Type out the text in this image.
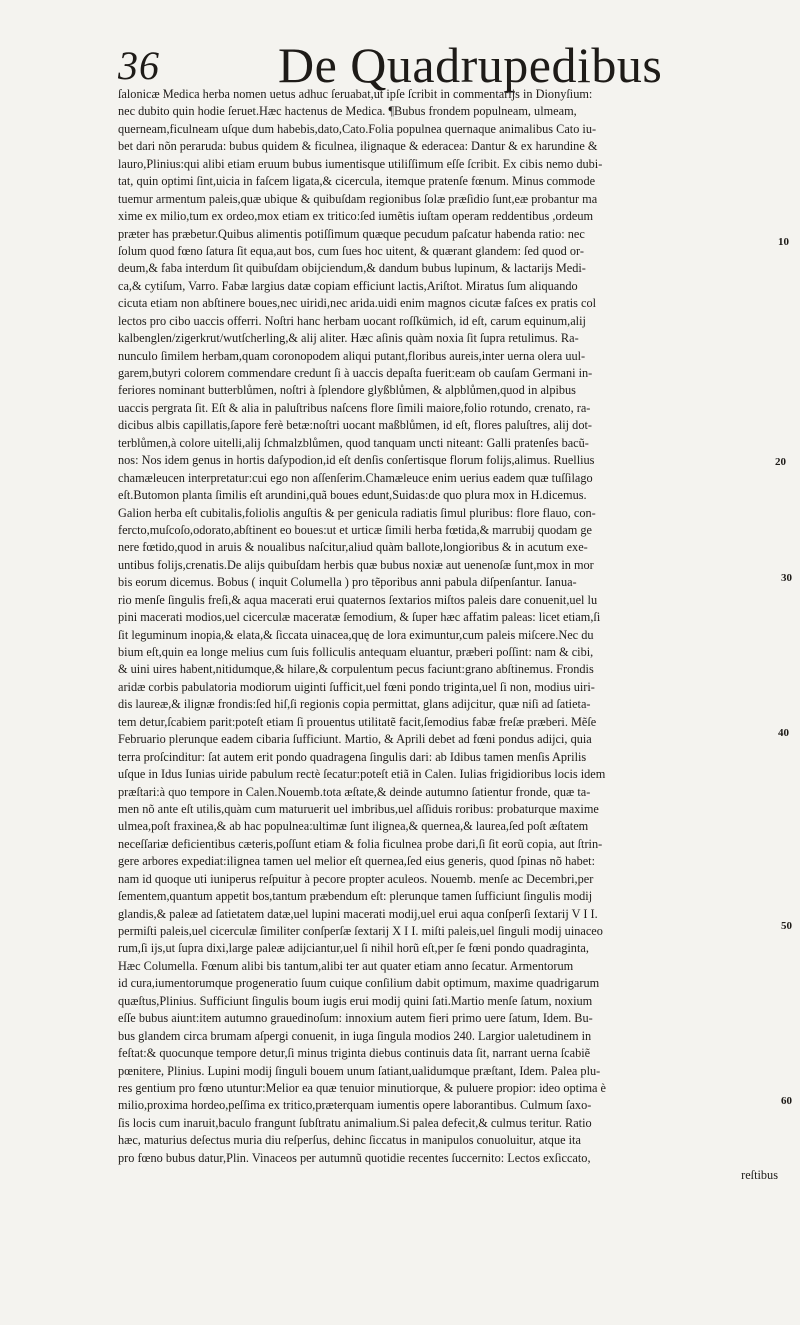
36 De Quadrupedibus
ſalonicæ Medica herba nomen uetus adhuc ſeruabat,ut ipſe ſcribit in commentarijs in Dionyſium:
nec dubito quin hodie ſeruet.Hæc hactenus de Medica. ¶Bubus frondem populneam, ulmeam,
querneam,ficulneam uſque dum habebis,dato,Cato.Folia populnea quernaque animalibus Cato iu-
bet dari nõn peraruda: bubus quidem & ficulnea, ilignaque & ederacea: Dantur & ex harundine &
lauro,Plinius:qui alibi etiam eruum bubus iumentisque utiliſſimum eſſe ſcribit. Ex cibis nemo dubi-
tat, quin optimi ſint,uicia in faſcem ligata,& cicercula, itemque pratenſe fœnum. Minus commode
tuemur armentum paleis,quæ ubique & quibuſdam regionibus ſolæ præſidio ſunt,eæ probantur ma
xime ex milio,tum ex ordeo,mox etiam ex tritico:ſed iumẽtis iuſtam operam reddentibus ,ordeum
præter has præbetur.Quibus alimentis potiſſimum quæque pecudum paſcatur habenda ratio: nec
ſolum quod fœno ſatura ſit equa,aut bos, cum ſues hoc uitent, & quærant glandem: ſed quod or-
deum,& faba interdum ſit quibuſdam obijciendum,& dandum bubus lupinum, & lactarijs Medi-
ca,& cytiſum, Varro. Fabæ largius datæ copiam efficiunt lactis,Ariſtot. Miratus ſum aliquando
cicuta etiam non abſtinere boues,nec uiridi,nec arida.uidi enim magnos cicutæ faſces ex pratis col
lectos pro cibo uaccis offerri. Noſtri hanc herbam uocant roſſkümich, id eſt, carum equinum,alij
kalbenglen/zigerkrut/wutſcherling,& alij aliter. Hæc aſinis quàm noxia ſit ſupra retulimus. Ra-
nunculo ſimilem herbam,quam coronopodem aliqui putant,floribus aureis,inter uerna olera uul-
garem,butyri colorem commendare credunt ſi à uaccis depaſta fuerit:eam ob cauſam Germani in-
feriores nominant butterblůmen, noſtri à ſplendore glyßblůmen, & alpblůmen,quod in alpibus
uaccis pergrata ſit. Eſt & alia in paluſtribus naſcens flore ſimili maiore,folio rotundo, crenato, ra-
dicibus albis capillatis,ſapore ferè betæ:noſtri uocant maßblůmen, id eſt, flores paluſtres, alij dot-
terblůmen,à colore uitelli,alij ſchmalzblůmen, quod tanquam uncti niteant: Galli pratenſes bacũ-
nos: Nos idem genus in hortis daſypodion,id eſt denſis conſertisque florum folijs,alimus. Ruellius
chamæleucen interpretatur:cui ego non aſſenſerim.Chamæleuce enim uerius eadem quæ tuſſilago
eſt.Butomon planta ſimilis eſt arundini,quã boues edunt,Suidas:de quo plura mox in H.dicemus.
Galion herba eſt cubitalis,foliolis anguſtis & per genicula radiatis ſimul pluribus: flore flauo, con-
fercto,muſcoſo,odorato,abſtinent eo boues:ut et urticæ ſimili herba fœtida,& marrubij quodam ge
nere fœtido,quod in aruis & noualibus naſcitur,aliud quàm ballote,longioribus & in acutum exe-
untibus folijs,crenatis.De alijs quibuſdam herbis quæ bubus noxiæ aut uenenoſæ ſunt,mox in mor
bis eorum dicemus. Bobus ( inquit Columella ) pro tẽporibus anni pabula diſpenſantur. Ianua-
rio menſe ſingulis freſi,& aqua macerati erui quaternos ſextarios miſtos paleis dare conuenit,uel lu
pini macerati modios,uel cicerculæ maceratæ ſemodium, & ſuper hæc affatim paleas: licet etiam,ſi
ſit leguminum inopia,& elata,& ſiccata uinacea,quę de lora eximuntur,cum paleis miſcere.Nec du
bium eſt,quin ea longe melius cum ſuis folliculis antequam eluantur, præberi poſſint: nam & cibi,
& uini uires habent,nitidumque,& hilare,& corpulentum pecus faciunt:grano abſtinemus. Frondis
aridæ corbis pabulatoria modiorum uiginti ſufficit,uel fœni pondo triginta,uel ſi non, modius uiri-
dis laureæ,& ilignæ frondis:ſed hiſ,ſi regionis copia permittat, glans adijcitur, quæ niſi ad ſatieta-
tem detur,ſcabiem parit:poteſt etiam ſi prouentus utilitatẽ facit,ſemodius fabæ freſæ præberi. Mẽſe
Februario plerunque eadem cibaria ſufficiunt. Martio, & Aprili debet ad fœni pondus adijci, quia
terra proſcinditur: ſat autem erit pondo quadragena ſingulis dari: ab Idibus tamen menſis Aprilis
uſque in Idus Iunias uiride pabulum rectè ſecatur:poteſt etiã in Calen. Iulias frigidioribus locis idem
præſtari:à quo tempore in Calen.Nouemb.tota æſtate,& deinde autumno ſatientur fronde, quæ ta-
men nõ ante eſt utilis,quàm cum maturuerit uel imbribus,uel aſſiduis roribus: probaturque maxime
ulmea,poſt fraxinea,& ab hac populnea:ultimæ ſunt ilignea,& quernea,& laurea,ſed poſt æſtatem
neceſſariæ deficientibus cæteris,poſſunt etiam & folia ficulnea probe dari,ſi ſit eorũ copia, aut ſtrin-
gere arbores expediat:ilignea tamen uel melior eſt quernea,ſed eius generis, quod ſpinas nõ habet:
nam id quoque uti iuniperus reſpuitur à pecore propter aculeos. Nouemb. menſe ac Decembri,per
ſementem,quantum appetit bos,tantum præbendum eſt: plerunque tamen ſufficiunt ſingulis modij
glandis,& paleæ ad ſatietatem datæ,uel lupini macerati modij,uel erui aqua conſperſi ſextarij V I I.
permiſti paleis,uel cicerculæ ſimiliter conſperſæ ſextarij X I I. miſti paleis,uel ſinguli modij uinaceo
rum,ſi ijs,ut ſupra dixi,large paleæ adijciantur,uel ſi nihil horũ eſt,per ſe fœni pondo quadraginta,
Hæc Columella. Fœnum alibi bis tantum,alibi ter aut quater etiam anno ſecatur. Armentorum
id cura,iumentorumque progeneratio ſuum cuique conſilium dabit optimum, maxime quadrigarum
quæſtus,Plinius. Sufficiunt ſingulis boum iugis erui modij quini ſati.Martio menſe ſatum, noxium
eſſe bubus aiunt:item autumno grauedinoſum: innoxium autem fieri primo uere ſatum, Idem. Bu-
bus glandem circa brumam aſpergi conuenit, in iuga ſingula modios 240. Largior ualetudinem in
feſtat:& quocunque tempore detur,ſi minus triginta diebus continuis data ſit, narrant uerna ſcabiẽ
pœnitere, Plinius. Lupini modij ſinguli bouem unum ſatiant,ualidumque præſtant, Idem. Palea plu-
res gentium pro fœno utuntur:Melior ea quæ tenuior minutiorque, & puluere propior: ideo optima è
milio,proxima hordeo,peſſima ex tritico,præterquam iumentis opere laborantibus. Culmum ſaxo-
ſis locis cum inaruit,baculo frangunt ſubſtratu animalium.Si palea defecit,& culmus teritur. Ratio
hæc, maturius deſectus muria diu reſperſus, dehinc ſiccatus in manipulos conuoluitur, atque ita
pro fœno bubus datur,Plin. Vinaceos per autumnũ quotidie recentes ſuccernito: Lectos exſiccato,
reſtibus
10
20
30
40
50
60
